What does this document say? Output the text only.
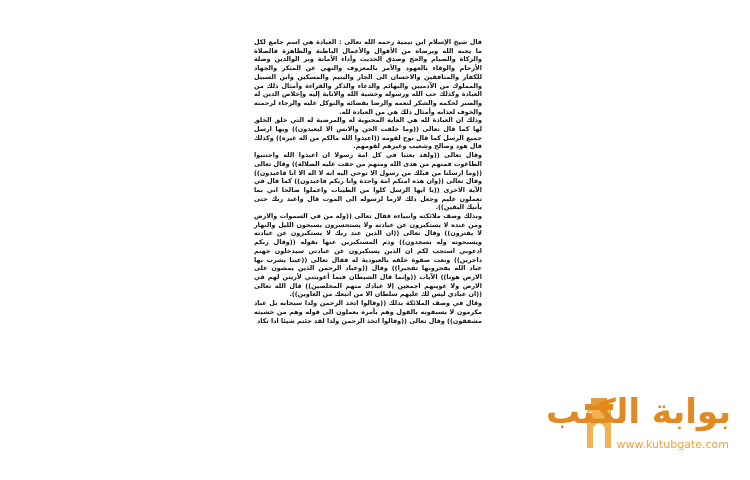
قال شيخ الإسلام ابن تيمية رحمه الله تعالى : العبادة هي اسم جامع لكل ما يحبه الله ويرضاه من الأقوال والأعمال الباطنة والظاهرة فالصلاة والزكاة والصيام والحج وصدق الحديث وأداء الأمانة وبر الوالدين وصلة الأرحام والوفاء بالعهود والأمر بالمعروف والنهي عن المنكر والجهاد للكفار والمنافقين والاحسان الى الجار واليتيم والمسكين وابن السبيل والمملوك من الآدميين والبهائم والدعاء والذكر والقراءة وأمثال ذلك من العبادة وكذلك حب الله ورسوله وخشية الله والانابة إليه وإخلاص الدين له والصبر لحكمه والشكر لنعمه والرضا بقضائه والتوكل عليه والرجاء لرحمته والخوف لعذابه وأمثال ذلك هي من العبادة لله.

وذلك ان العبادة لله هي الغاية المحبوبة له والمرضية له التي خلق الخلق لها كما قال تعالى ((وما خلقت الجن والانس الا ليعبدون)) وبها ارسل جميع الرسل كما قال نوح لقومه ((اعبدوا الله مالكم من اله غيره)) وكذلك قال هود وصالح وشعيب وغيرهم لقومهم.

وقال تعالى ((ولقد بعثنا في كل امة رسولا ان اعبدوا الله واجتنبوا الطاغوت فمنهم من هدى الله ومنهم من حقت عليه الضلالة)) وقال تعالى ((وما ارسلنا من قبلك من رسول الا نوحي اليه انه لا اله الا انا فاعبدون)) وقال تعالى ((وان هذه امتكم امة واحدة وانا ربكم فاعبدون)) كما قال في الآية الاخرى ((يا ايها الرسل كلوا من الطيبات واعملوا صالحا اني بما تعملون عليم وجعل ذلك لازما لرسوله الى الموت قال واعبد ربك حتى يأتيك اليقين)).

وبذلك وصف ملائكته وانبياءه فقال تعالى ((وله من في السموات والارض ومن عنده لا يستكبرون عن عبادته ولا يستحسرون يسبحون الليل والنهار لا يفترون)) وقال تعالى ((ان الذين عند ربك لا يستكبرون عن عبادته ويسبحونه وله يسجدون)) وذم المستكبرين عنها بقوله ((وقال ربكم ادعوني استجب لكم ان الذين يستكبرون عن عبادتي سيدخلون جهنم داخرين)) ونعت صفوة خلقه بالعبودية له فقال تعالى ((عينا يشرب بها عباد الله يفجرونها تفجيرا)) وقال ((وعباد الرحمن الذين يمشون على الارض هونا)) الآيات ((وإنما قال الشيطان فبما أغويتني لأزينن لهم في الارض ولا غوينهم اجمعين إلا عبادك منهم المخلصين)) قال الله تعالى ((ان عبادي ليس لك عليهم سلطان الا من اتبعك من الغاوين)).

وقال في وصف الملائكة بذلك ((وقالوا اتخذ الرحمن ولدا سبحانه بل عباد مكرمون لا يسبقونه بالقول وهم بأمره يعملون الى قوله وهم من خشيته مشفقون)) وقال تعالى ((وقالوا اتخذ الرحمن ولدا لقد جئتم شيئا ادا تكاد

بوابة الكتب
www.kutubgate.com
